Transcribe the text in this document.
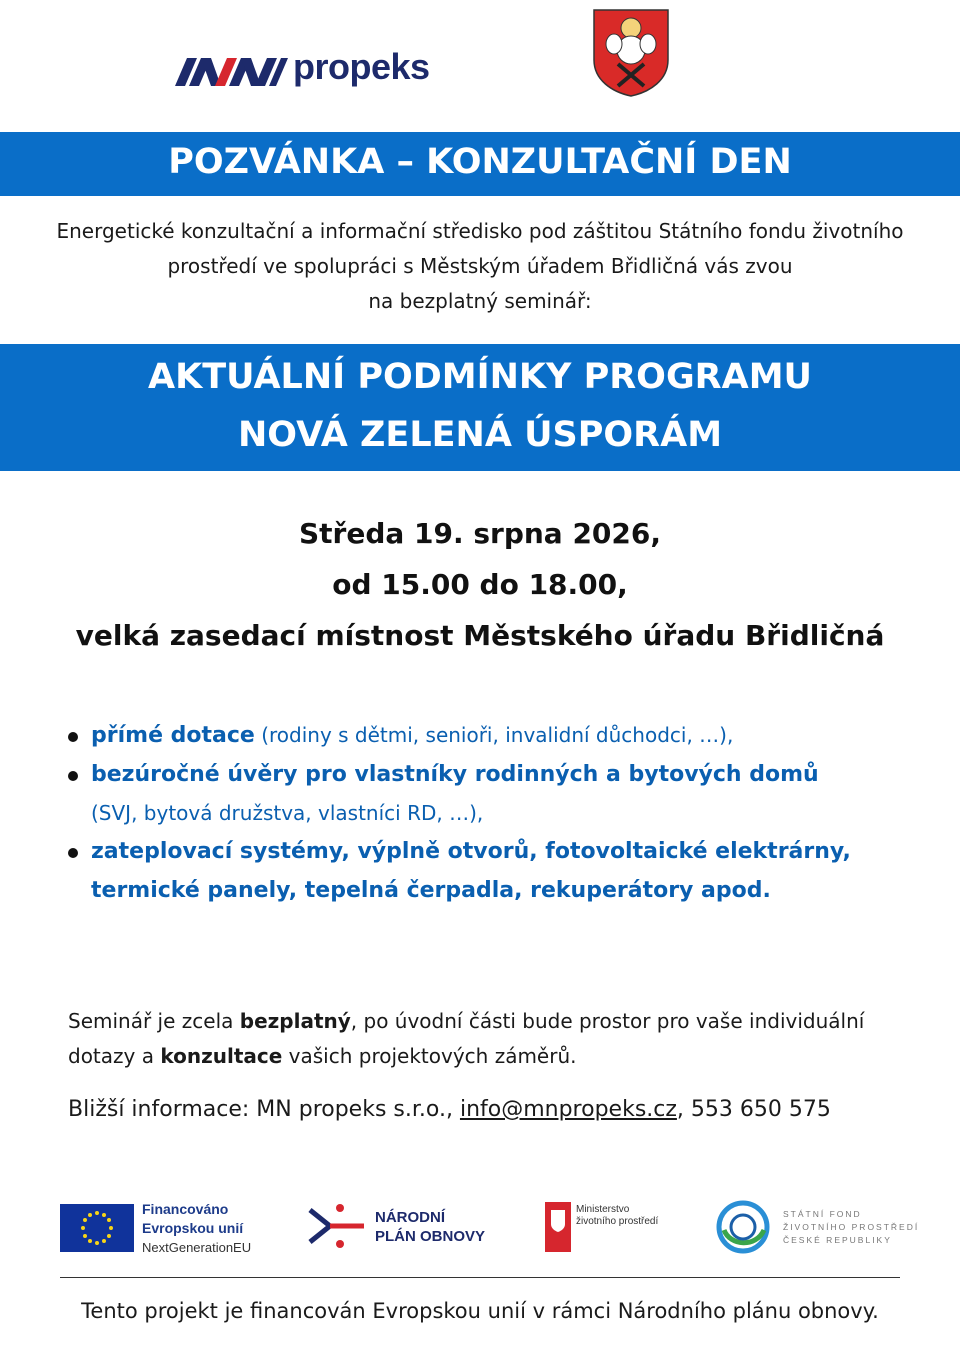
propeks
POZVÁNKA – KONZULTAČNÍ DEN
Energetické konzultační a informační středisko pod záštitou Státního fondu životního
prostředí ve spolupráci s Městským úřadem Břidličná vás zvou
na bezplatný seminář:
AKTUÁLNÍ PODMÍNKY PROGRAMU
NOVÁ ZELENÁ ÚSPORÁM
Středa 19. srpna 2026,
od 15.00 do 18.00,
velká zasedací místnost Městského úřadu Břidličná
přímé dotace (rodiny s dětmi, senioři, invalidní důchodci, …),
bezúročné úvěry pro vlastníky rodinných a bytových domů
(SVJ, bytová družstva, vlastníci RD, …),
zateplovací systémy, výplně otvorů, fotovoltaické elektrárny,
termické panely, tepelná čerpadla, rekuperátory apod.
Seminář je zcela bezplatný, po úvodní části bude prostor pro vaše individuální
dotazy a konzultace vašich projektových záměrů.
Bližší informace: MN propeks s.r.o., info@mnpropeks.cz, 553 650 575
Financováno
Evropskou unií
NextGenerationEU
NÁRODNÍ
PLÁN OBNOVY
Ministerstvo
životního prostředí
STÁTNÍ FOND
ŽIVOTNÍHO PROSTŘEDÍ
ČESKÉ REPUBLIKY
Tento projekt je financován Evropskou unií v rámci Národního plánu obnovy.
